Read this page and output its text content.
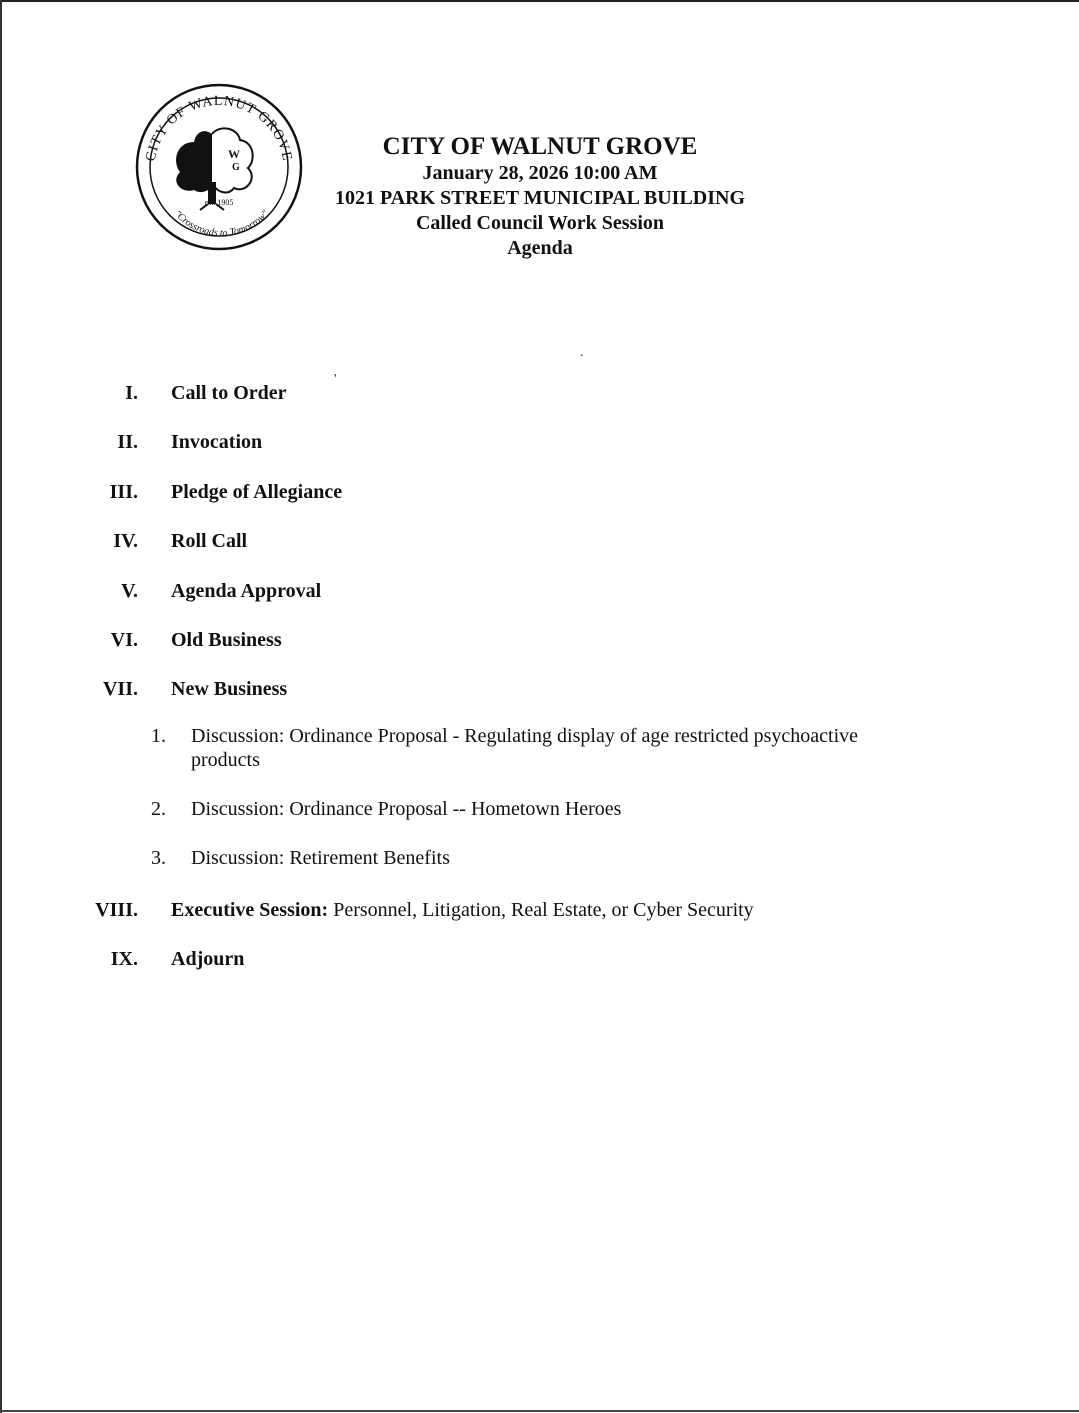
CITY OF WALNUT GROVE
"Crossroads to Tomorrow"
W
G
est. 1905

CITY OF WALNUT GROVE

January 28, 2026 10:00 AM

1021 PARK STREET MUNICIPAL BUILDING

Called Council Work Session

Agenda

.
'
I. Call to Order
II. Invocation
III. Pledge of Allegiance
IV. Roll Call
V. Agenda Approval
VI. Old Business
VII. New Business
1. Discussion: Ordinance Proposal - Regulating display of age restricted psychoactive products
2. Discussion: Ordinance Proposal -- Hometown Heroes
3. Discussion: Retirement Benefits
VIII. Executive Session: Personnel, Litigation, Real Estate, or Cyber Security
IX. Adjourn
